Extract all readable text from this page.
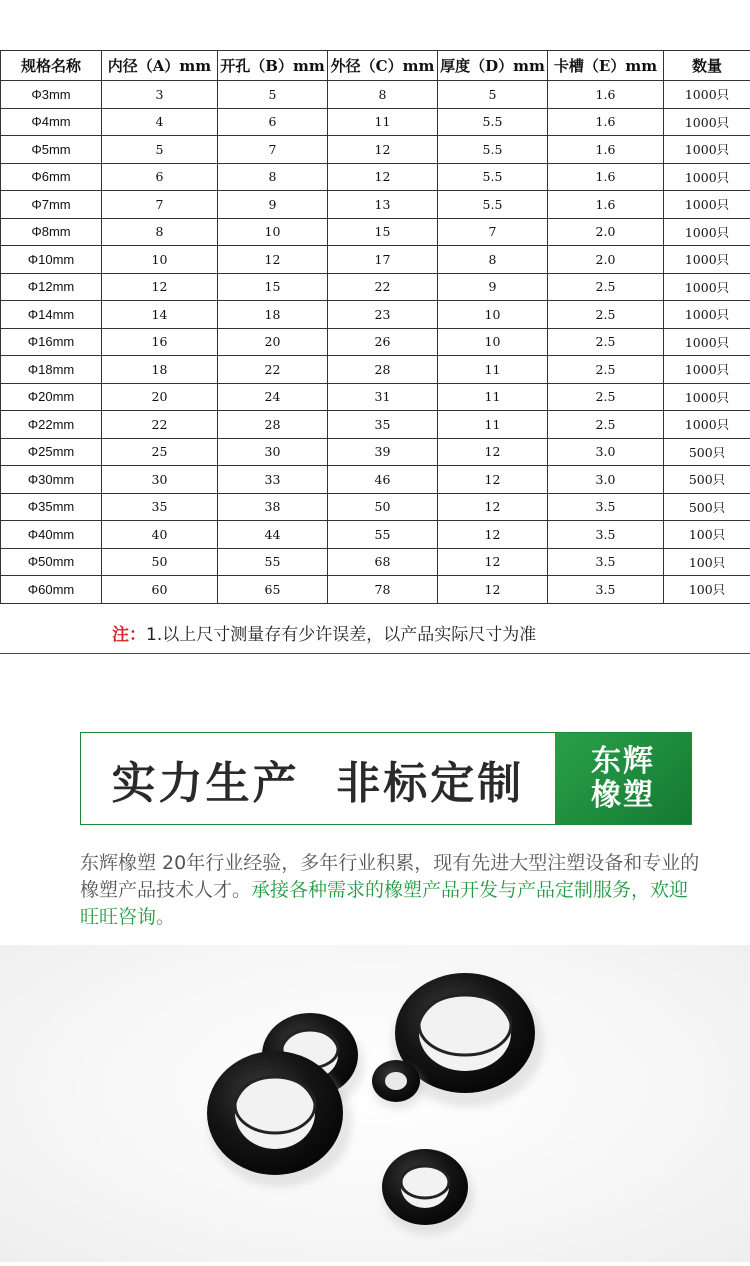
规格名称	内径（A）mm	开孔（B）mm	外径（C）mm	厚度（D）mm	卡槽（E）mm	数量
Φ3mm	3	5	8	5	1.6	1000只
Φ4mm	4	6	11	5.5	1.6	1000只
Φ5mm	5	7	12	5.5	1.6	1000只
Φ6mm	6	8	12	5.5	1.6	1000只
Φ7mm	7	9	13	5.5	1.6	1000只
Φ8mm	8	10	15	7	2.0	1000只
Φ10mm	10	12	17	8	2.0	1000只
Φ12mm	12	15	22	9	2.5	1000只
Φ14mm	14	18	23	10	2.5	1000只
Φ16mm	16	20	26	10	2.5	1000只
Φ18mm	18	22	28	11	2.5	1000只
Φ20mm	20	24	31	11	2.5	1000只
Φ22mm	22	28	35	11	2.5	1000只
Φ25mm	25	30	39	12	3.0	500只
Φ30mm	30	33	46	12	3.0	500只
Φ35mm	35	38	50	12	3.5	500只
Φ40mm	40	44	55	12	3.5	100只
Φ50mm	50	55	68	12	3.5	100只
Φ60mm	60	65	78	12	3.5	100只
注：1.以上尺寸测量存有少许误差，以产品实际尺寸为准
实力生产  非标定制	东辉
橡塑
东辉橡塑 20年行业经验，多年行业积累，现有先进大型注塑设备和专业的橡塑产品技术人才。承接各种需求的橡塑产品开发与产品定制服务，欢迎旺旺咨询。
